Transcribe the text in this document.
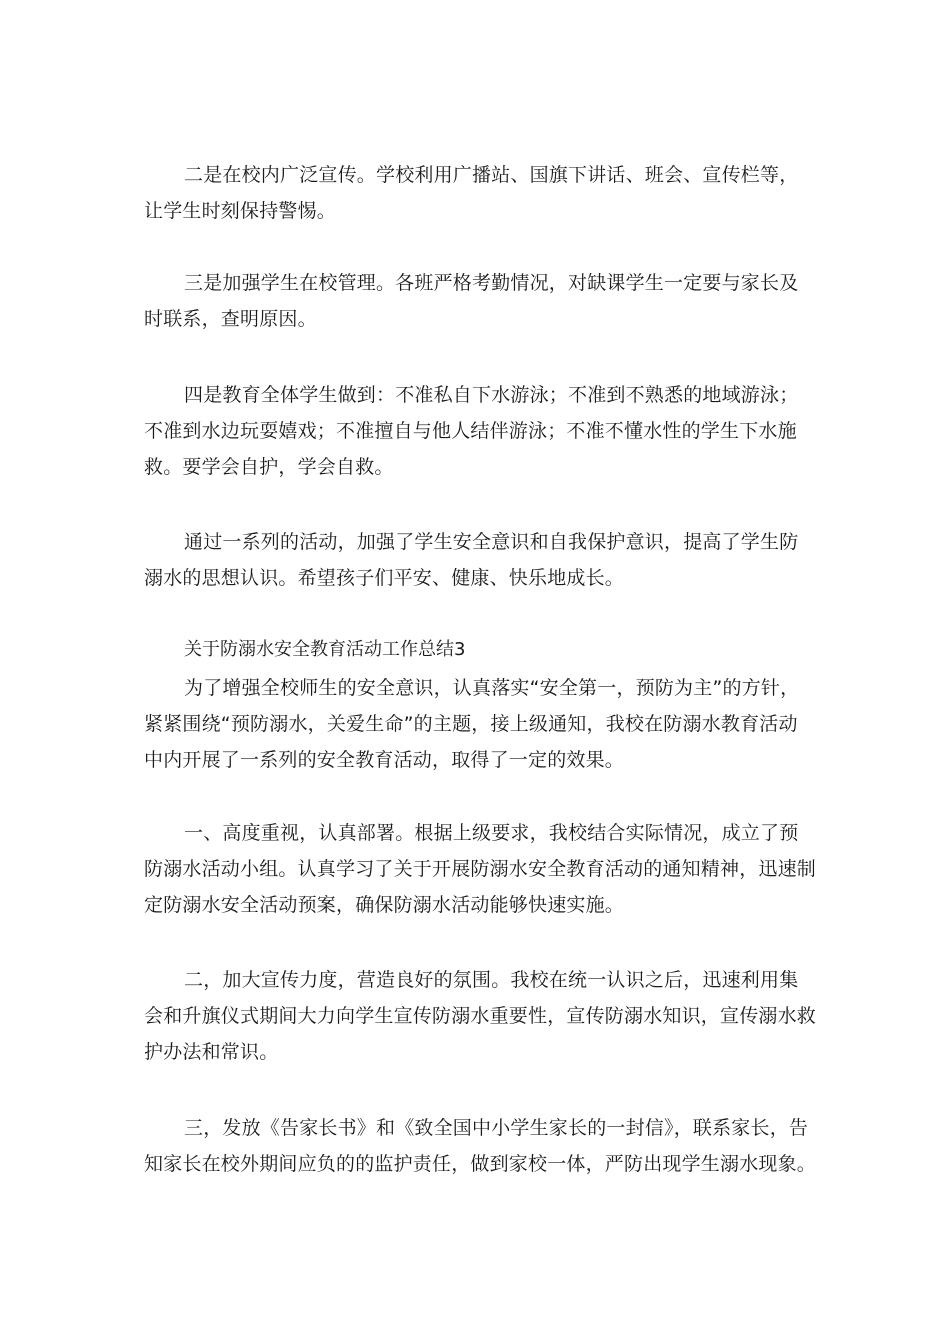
二是在校内广泛宣传。学校利用广播站、国旗下讲话、班会、宣传栏等，让学生时刻保持警惕。

三是加强学生在校管理。各班严格考勤情况，对缺课学生一定要与家长及时联系，查明原因。

四是教育全体学生做到：不准私自下水游泳；不准到不熟悉的地域游泳；不准到水边玩耍嬉戏；不准擅自与他人结伴游泳；不准不懂水性的学生下水施救。要学会自护，学会自救。

通过一系列的活动，加强了学生安全意识和自我保护意识，提高了学生防溺水的思想认识。希望孩子们平安、健康、快乐地成长。

关于防溺水安全教育活动工作总结3

为了增强全校师生的安全意识，认真落实“安全第一，预防为主”的方针，紧紧围绕“预防溺水，关爱生命”的主题，接上级通知，我校在防溺水教育活动中内开展了一系列的安全教育活动，取得了一定的效果。

一、高度重视，认真部署。根据上级要求，我校结合实际情况，成立了预防溺水活动小组。认真学习了关于开展防溺水安全教育活动的通知精神，迅速制定防溺水安全活动预案，确保防溺水活动能够快速实施。

二，加大宣传力度，营造良好的氛围。我校在统一认识之后，迅速利用集会和升旗仪式期间大力向学生宣传防溺水重要性，宣传防溺水知识，宣传溺水救护办法和常识。

三，发放《告家长书》和《致全国中小学生家长的一封信》，联系家长，告知家长在校外期间应负的的监护责任，做到家校一体，严防出现学生溺水现象。
